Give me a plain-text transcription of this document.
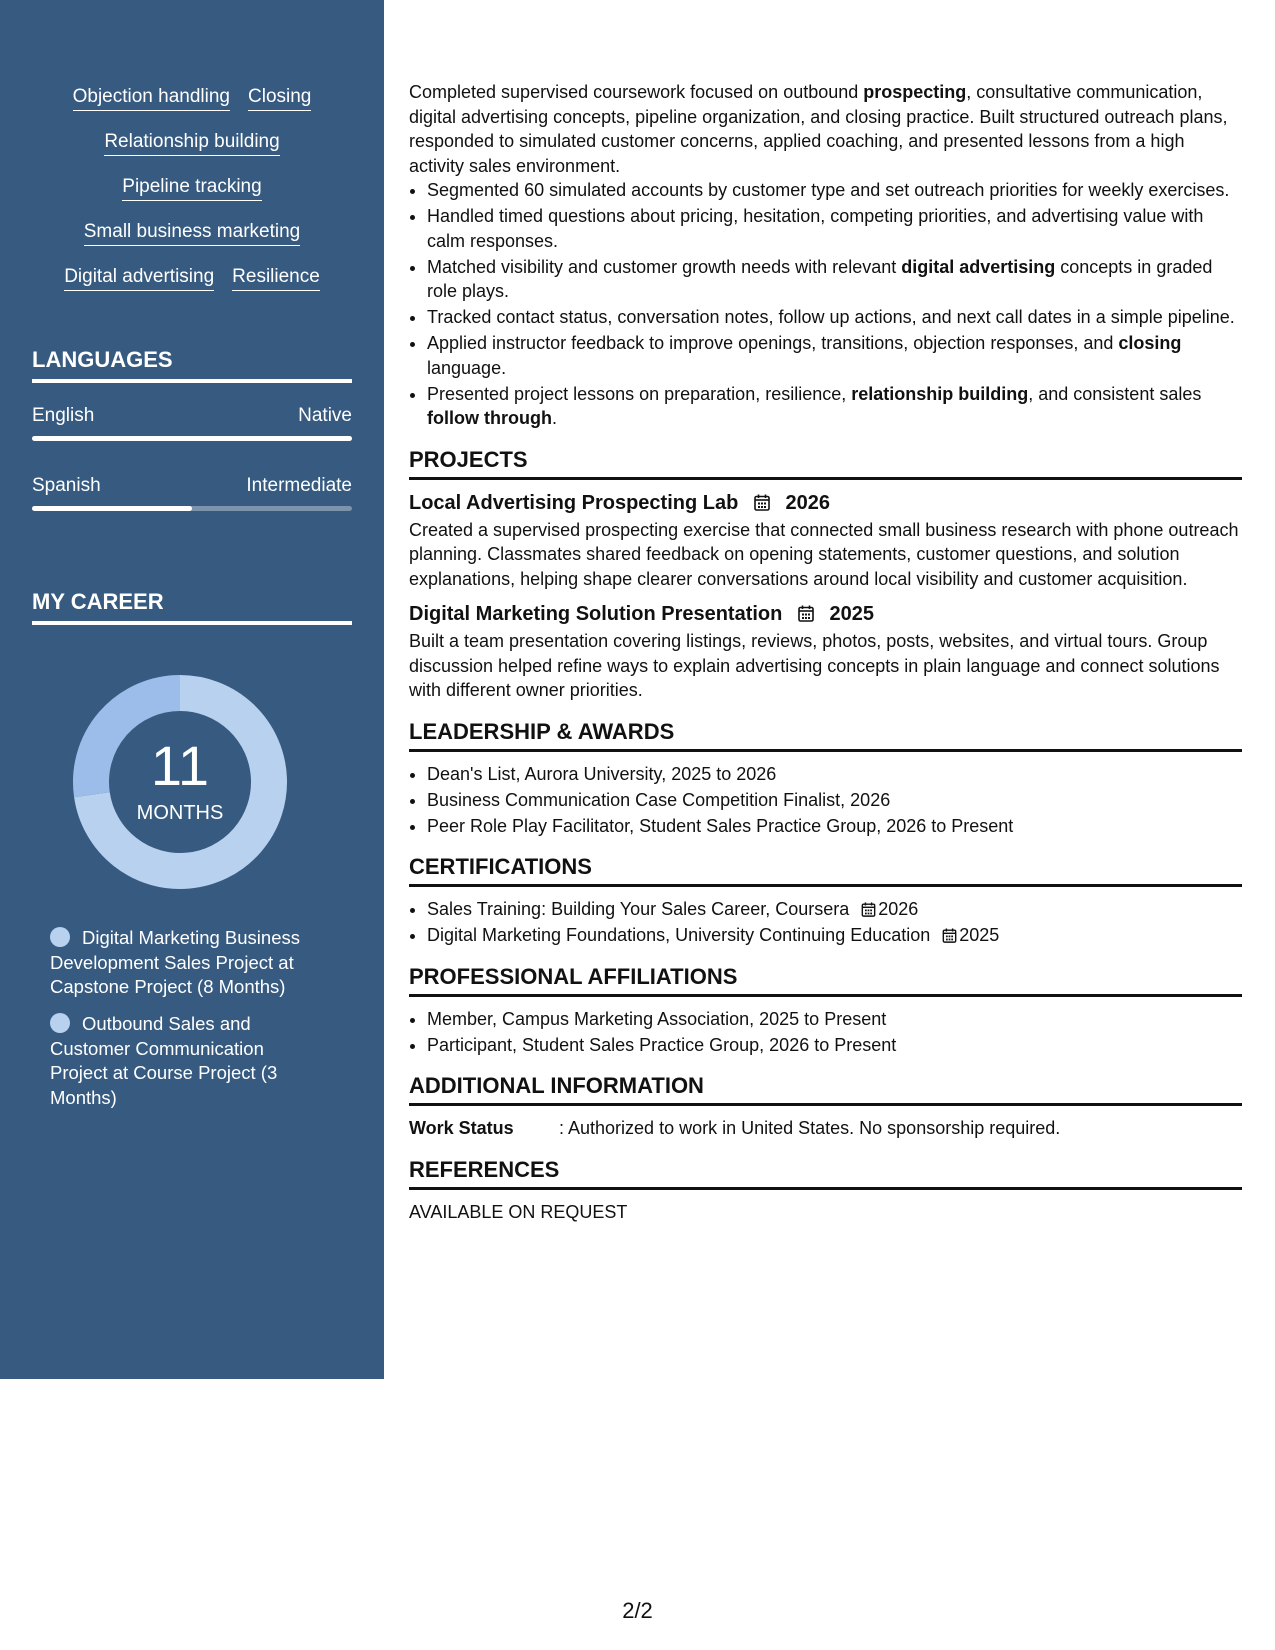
Objection handling Closing
Relationship building
Pipeline tracking
Small business marketing
Digital advertising Resilience
LANGUAGES
English	Native
Spanish	Intermediate
MY CAREER
11
MONTHS
Digital Marketing Business Development Sales Project at Capstone Project (8 Months)
Outbound Sales and Customer Communication Project at Course Project (3 Months)

Completed supervised coursework focused on outbound prospecting, consultative communication, digital advertising concepts, pipeline organization, and closing practice. Built structured outreach plans, responded to simulated customer concerns, applied coaching, and presented lessons from a high activity sales environment.

• Segmented 60 simulated accounts by customer type and set outreach priorities for weekly exercises.
• Handled timed questions about pricing, hesitation, competing priorities, and advertising value with calm responses.
• Matched visibility and customer growth needs with relevant digital advertising concepts in graded role plays.
• Tracked contact status, conversation notes, follow up actions, and next call dates in a simple pipeline.
• Applied instructor feedback to improve openings, transitions, objection responses, and closing language.
• Presented project lessons on preparation, resilience, relationship building, and consistent sales follow through.
PROJECTS
Local Advertising Prospecting Lab 2026

Created a supervised prospecting exercise that connected small business research with phone outreach planning. Classmates shared feedback on opening statements, customer questions, and solution explanations, helping shape clearer conversations around local visibility and customer acquisition.

Digital Marketing Solution Presentation 2025

Built a team presentation covering listings, reviews, photos, posts, websites, and virtual tours. Group discussion helped refine ways to explain advertising concepts in plain language and connect solutions with different owner priorities.

LEADERSHIP & AWARDS
• Dean's List, Aurora University, 2025 to 2026
• Business Communication Case Competition Finalist, 2026
• Peer Role Play Facilitator, Student Sales Practice Group, 2026 to Present
CERTIFICATIONS
• Sales Training: Building Your Sales Career, Coursera 2026
• Digital Marketing Foundations, University Continuing Education 2025
PROFESSIONAL AFFILIATIONS
• Member, Campus Marketing Association, 2025 to Present
• Participant, Student Sales Practice Group, 2026 to Present
ADDITIONAL INFORMATION
Work Status	: Authorized to work in United States. No sponsorship required.
REFERENCES
AVAILABLE ON REQUEST
2/2
